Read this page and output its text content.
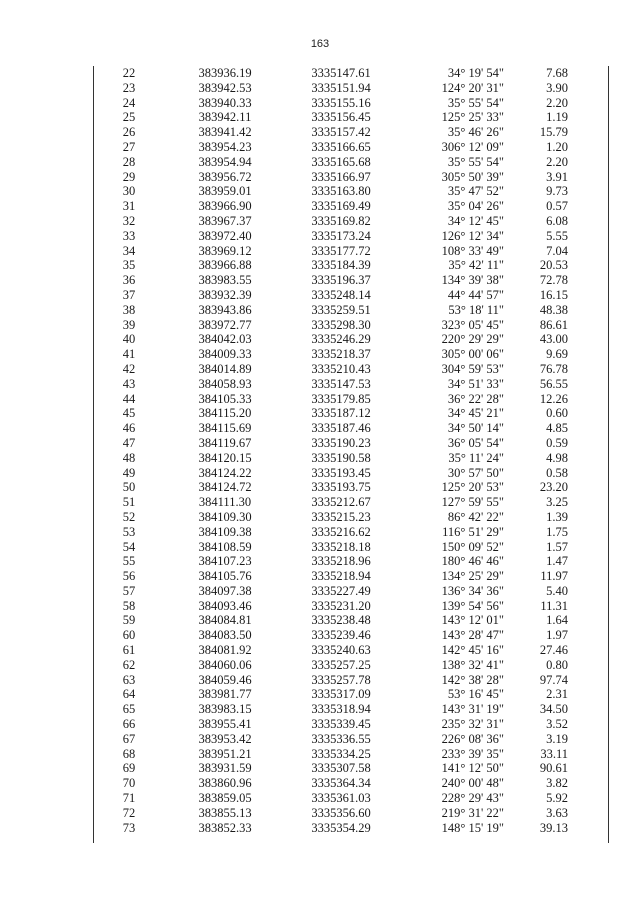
163
22	383936.19	3335147.61	34° 19' 54"	7.68
23	383942.53	3335151.94	124° 20' 31"	3.90
24	383940.33	3335155.16	35° 55' 54"	2.20
25	383942.11	3335156.45	125° 25' 33"	1.19
26	383941.42	3335157.42	35° 46' 26"	15.79
27	383954.23	3335166.65	306° 12' 09"	1.20
28	383954.94	3335165.68	35° 55' 54"	2.20
29	383956.72	3335166.97	305° 50' 39"	3.91
30	383959.01	3335163.80	35° 47' 52"	9.73
31	383966.90	3335169.49	35° 04' 26"	0.57
32	383967.37	3335169.82	34° 12' 45"	6.08
33	383972.40	3335173.24	126° 12' 34"	5.55
34	383969.12	3335177.72	108° 33' 49"	7.04
35	383966.88	3335184.39	35° 42' 11"	20.53
36	383983.55	3335196.37	134° 39' 38"	72.78
37	383932.39	3335248.14	44° 44' 57"	16.15
38	383943.86	3335259.51	53° 18' 11"	48.38
39	383972.77	3335298.30	323° 05' 45"	86.61
40	384042.03	3335246.29	220° 29' 29"	43.00
41	384009.33	3335218.37	305° 00' 06"	9.69
42	384014.89	3335210.43	304° 59' 53"	76.78
43	384058.93	3335147.53	34° 51' 33"	56.55
44	384105.33	3335179.85	36° 22' 28"	12.26
45	384115.20	3335187.12	34° 45' 21"	0.60
46	384115.69	3335187.46	34° 50' 14"	4.85
47	384119.67	3335190.23	36° 05' 54"	0.59
48	384120.15	3335190.58	35° 11' 24"	4.98
49	384124.22	3335193.45	30° 57' 50"	0.58
50	384124.72	3335193.75	125° 20' 53"	23.20
51	384111.30	3335212.67	127° 59' 55"	3.25
52	384109.30	3335215.23	86° 42' 22"	1.39
53	384109.38	3335216.62	116° 51' 29"	1.75
54	384108.59	3335218.18	150° 09' 52"	1.57
55	384107.23	3335218.96	180° 46' 46"	1.47
56	384105.76	3335218.94	134° 25' 29"	11.97
57	384097.38	3335227.49	136° 34' 36"	5.40
58	384093.46	3335231.20	139° 54' 56"	11.31
59	384084.81	3335238.48	143° 12' 01"	1.64
60	384083.50	3335239.46	143° 28' 47"	1.97
61	384081.92	3335240.63	142° 45' 16"	27.46
62	384060.06	3335257.25	138° 32' 41"	0.80
63	384059.46	3335257.78	142° 38' 28"	97.74
64	383981.77	3335317.09	53° 16' 45"	2.31
65	383983.15	3335318.94	143° 31' 19"	34.50
66	383955.41	3335339.45	235° 32' 31"	3.52
67	383953.42	3335336.55	226° 08' 36"	3.19
68	383951.21	3335334.25	233° 39' 35"	33.11
69	383931.59	3335307.58	141° 12' 50"	90.61
70	383860.96	3335364.34	240° 00' 48"	3.82
71	383859.05	3335361.03	228° 29' 43"	5.92
72	383855.13	3335356.60	219° 31' 22"	3.63
73	383852.33	3335354.29	148° 15' 19"	39.13
